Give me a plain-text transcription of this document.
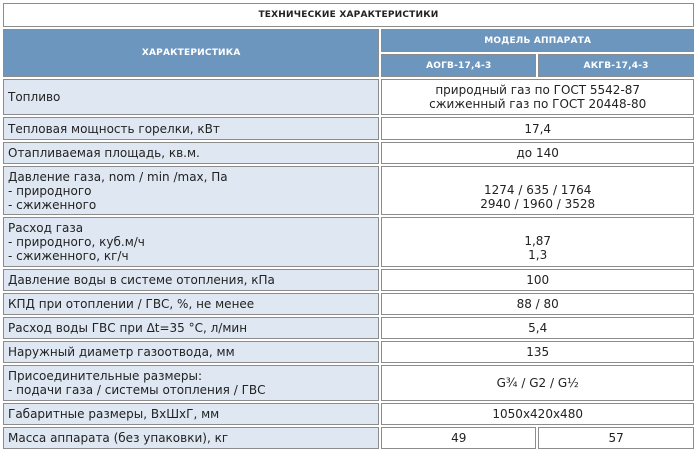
ТЕХНИЧЕСКИЕ ХАРАКТЕРИСТИКИ		
ХАРАКТЕРИСТИКА	МОДЕЛЬ АППАРАТА	
	АОГВ-17,4-3	АКГВ-17,4-3

Топливо	природный газ по ГОСТ 5542-87
сжиженный газ по ГОСТ 20448-80	

Тепловая мощность горелки, кВт	17,4	

Отапливаемая площадь, кв.м.	до 140	

Давление газа, nom / min /max, Па
- природного
- сжиженного	1274 / 635 / 1764
2940 / 1960 / 3528	

Расход газа
- природного, куб.м/ч
- сжиженного, кг/ч	1,87
1,3	

Давление воды в системе отопления, кПа	100	

КПД при отоплении / ГВС, %, не менее	88 / 80	

Расход воды ГВС при Δt=35 °С, л/мин	5,4	

Наружный диаметр газоотвода, мм	135	

Присоединительные размеры:
- подачи газа / системы отопления / ГВС	G¾ / G2 / G½	

Габаритные размеры, ВхШхГ, мм	1050х420х480	

Масса аппарата (без упаковки), кг	49	57
